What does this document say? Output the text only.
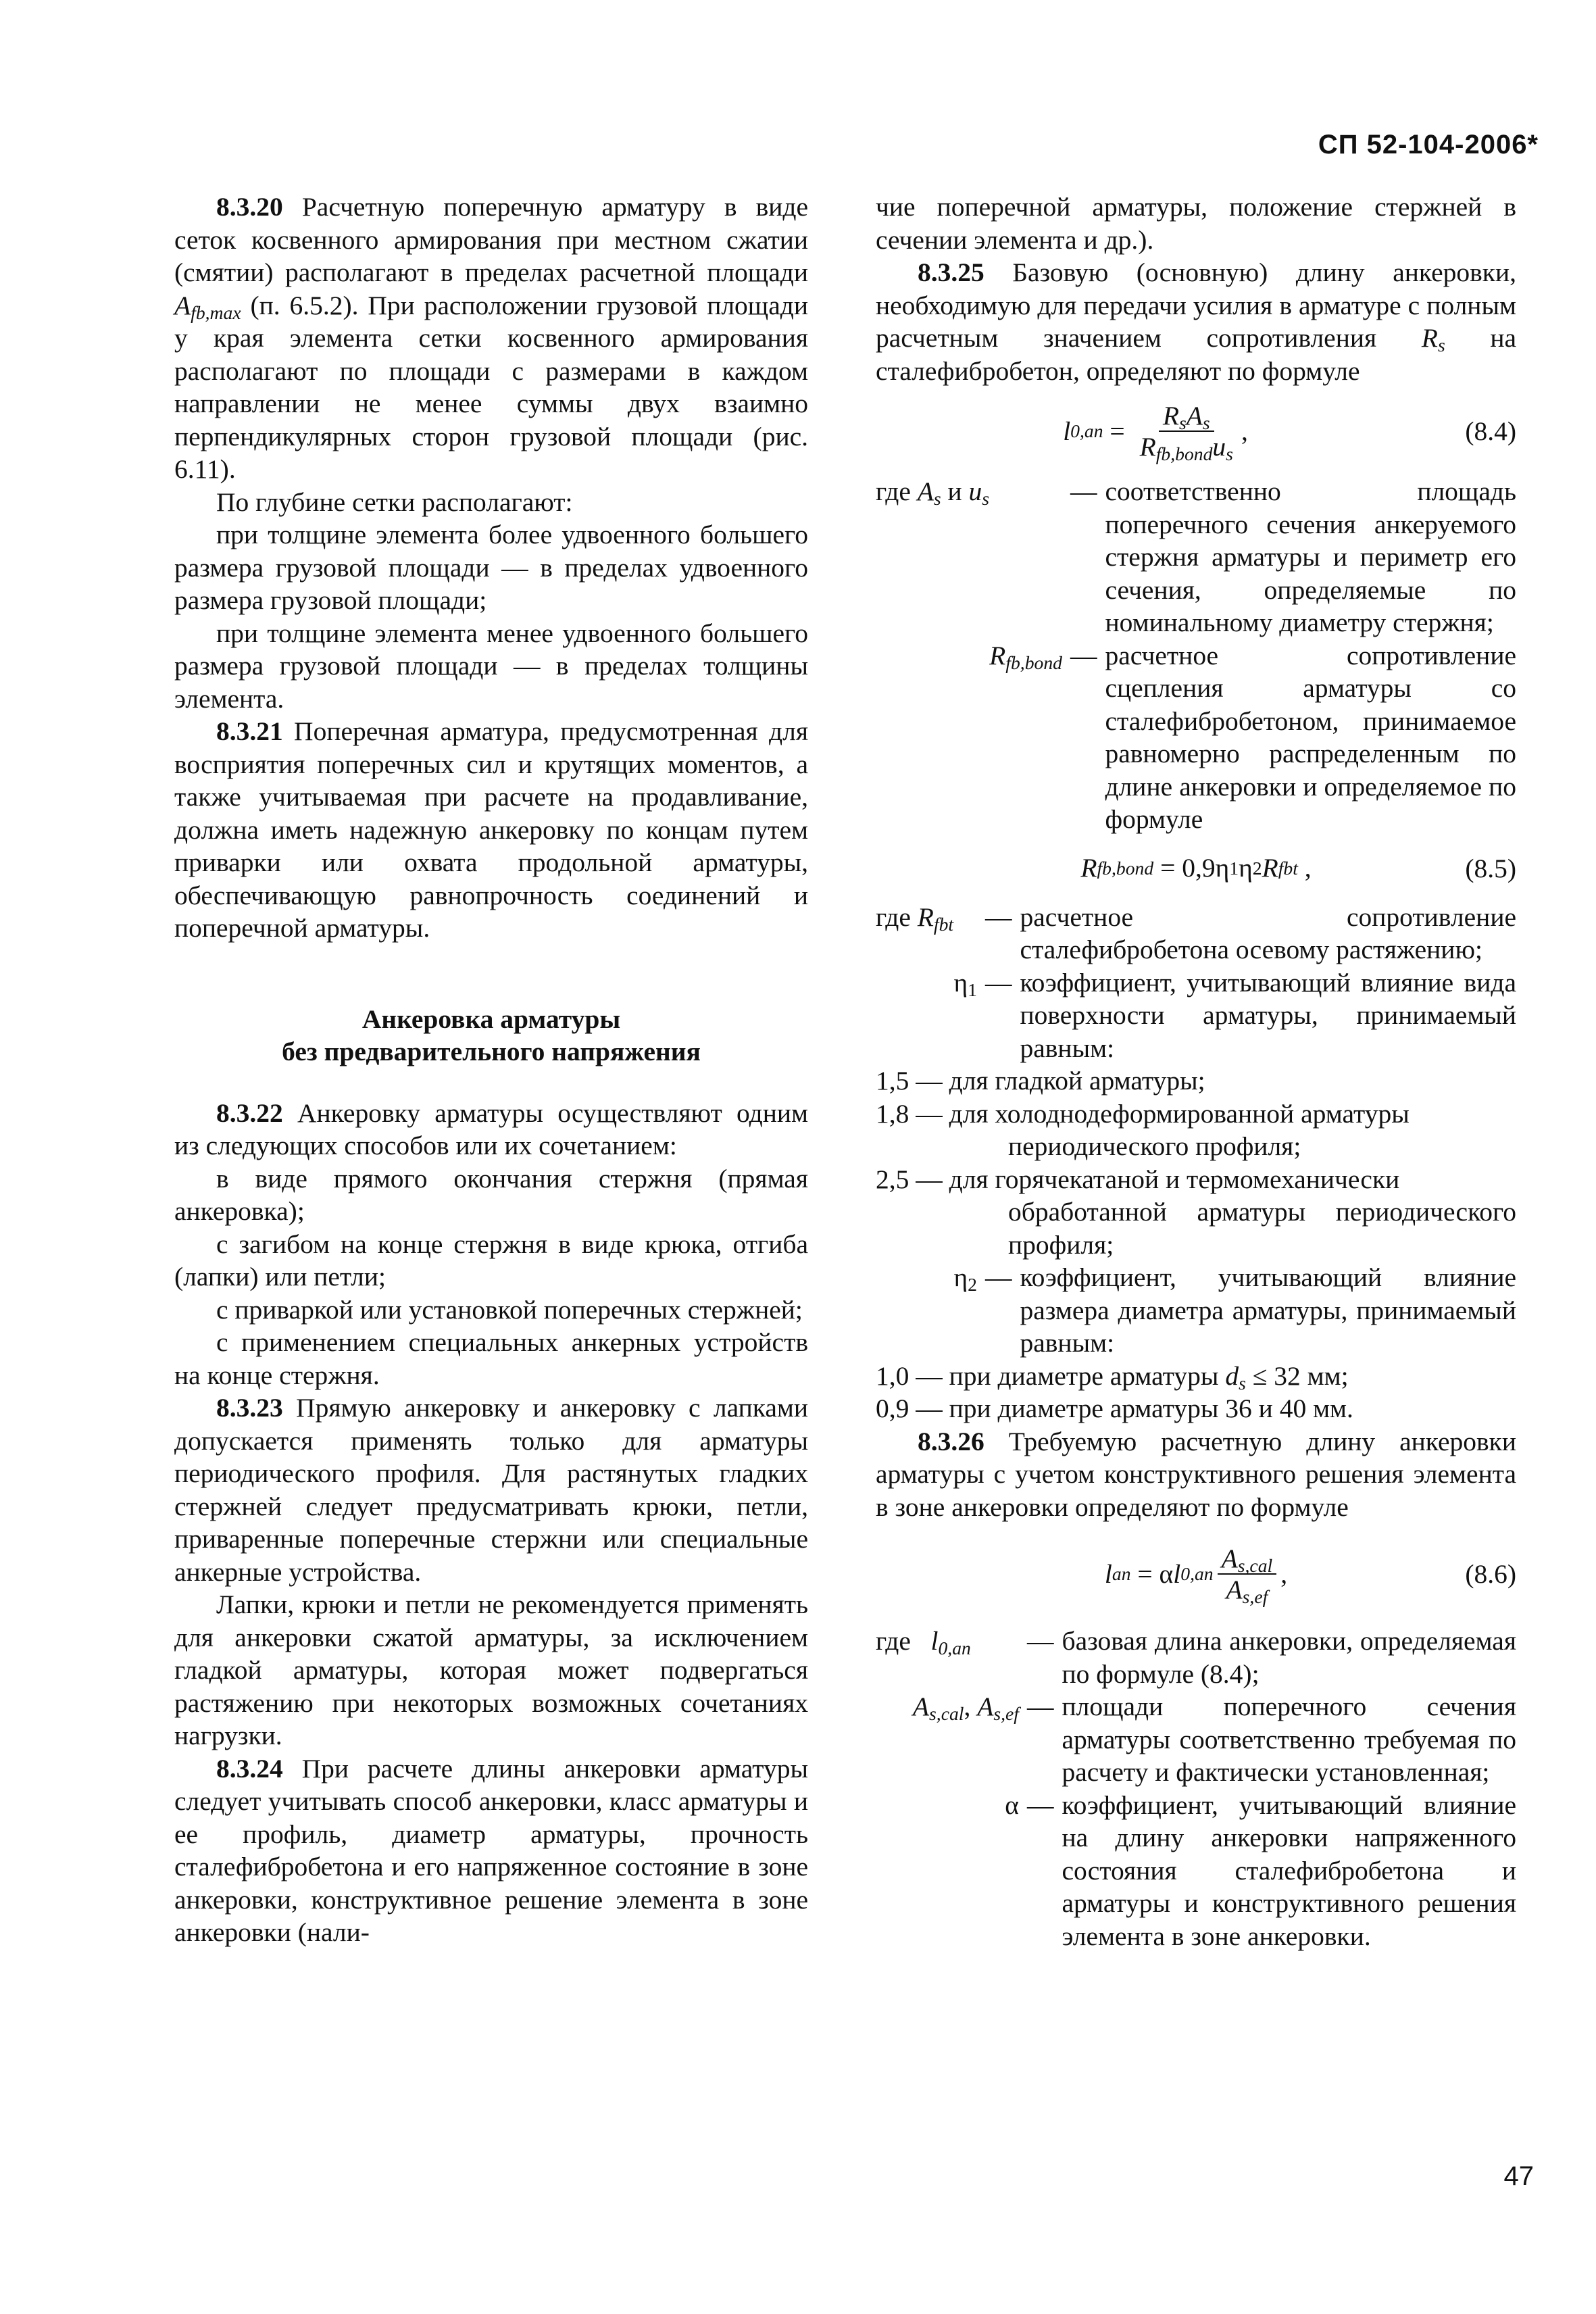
СП 52-104-2006*

8.3.20 Расчетную поперечную арматуру в виде сеток косвенного армирования при местном сжатии (смятии) располагают в пределах расчетной площади $A_{fb,max}$ (п. 6.5.2). При расположении грузовой площади у края элемента сетки косвенного армирования располагают по площади с размерами в каждом направлении не менее суммы двух взаимно перпендикулярных сторон грузовой площади (рис. 6.11).

По глубине сетки располагают:

при толщине элемента более удвоенного большего размера грузовой площади — в пределах удвоенного размера грузовой площади;

при толщине элемента менее удвоенного большего размера грузовой площади — в пределах толщины элемента.

8.3.21 Поперечная арматура, предусмотренная для восприятия поперечных сил и крутящих моментов, а также учитываемая при расчете на продавливание, должна иметь надежную анкеровку по концам путем приварки или охвата продольной арматуры, обеспечивающую равнопрочность соединений и поперечной арматуры.

Анкеровка арматуры
без предварительного напряжения

8.3.22 Анкеровку арматуры осуществляют одним из следующих способов или их сочетанием:

в виде прямого окончания стержня (прямая анкеровка);

с загибом на конце стержня в виде крюка, отгиба (лапки) или петли;

с приваркой или установкой поперечных стержней;

с применением специальных анкерных устройств на конце стержня.

8.3.23 Прямую анкеровку и анкеровку с лапками допускается применять только для арматуры периодического профиля. Для растянутых гладких стержней следует предусматривать крюки, петли, приваренные поперечные стержни или специальные анкерные устройства.

Лапки, крюки и петли не рекомендуется применять для анкеровки сжатой арматуры, за исключением гладкой арматуры, которая может подвергаться растяжению при некоторых возможных сочетаниях нагрузки.

8.3.24 При расчете длины анкеровки арматуры следует учитывать способ анкеровки, класс арматуры и ее профиль, диаметр арматуры, прочность сталефибробетона и его напряженное состояние в зоне анкеровки, конструктивное решение элемента в зоне анкеровки (нали-

чие поперечной арматуры, положение стержней в сечении элемента и др.).

8.3.25 Базовую (основную) длину анкеровки, необходимую для передачи усилия в арматуре с полным расчетным значением сопротивления $R_s$ на сталефибробетон, определяют по формуле

l $0,an = \frac{R_sA_s}{R_{fb,bond}u_s}$ ,	(8.4)
где $A_s$ и $u_s$	— соответственно площадь поперечного сечения анкеруемого стержня арматуры и периметр его сечения, определяемые по номинальному диаметру стержня;
$R_{fb,bond}$ — расчетное сопротивление сцепления арматуры со сталефибробетоном, принимаемое равномерно распределенным по длине анкеровки и определяемое по формуле
R fb,bond = 0,9η 1 η 2 R fbt ,	(8.5)
где $R_{fbt}$	— расчетное сопротивление сталефибробетона осевому растяжению;
$\eta_1$ — коэффициент, учитывающий влияние вида поверхности арматуры, принимаемый равным:

1,5 — для гладкой арматуры;

1,8 — для холоднодеформированной арматуры

периодического профиля;

2,5 — для горячекатаной и термомеханически

обработанной арматуры периодического профиля;

$\eta_2$ — коэффициент, учитывающий влияние размера диаметра арматуры, принимаемый равным:

1,0 — при диаметре арматуры $d_s \le 32$ мм;

0,9 — при диаметре арматуры 36 и 40 мм.

8.3.26 Требуемую расчетную длину анкеровки арматуры с учетом конструктивного решения элемента в зоне анкеровки определяют по формуле

l an = α l $0,an \frac{A_{s,cal}}{A_{s,ef}}$ ,	(8.6)
где $l_{0,an}$	— базовая длина анкеровки, определяемая по формуле (8.4);
$A_{s,cal}$, $A_{s,ef}$ — площади поперечного сечения арматуры соответственно требуемая по расчету и фактически установленная;
α — коэффициент, учитывающий влияние на длину анкеровки напряженного состояния сталефибробетона и арматуры и конструктивного решения элемента в зоне анкеровки.
47
